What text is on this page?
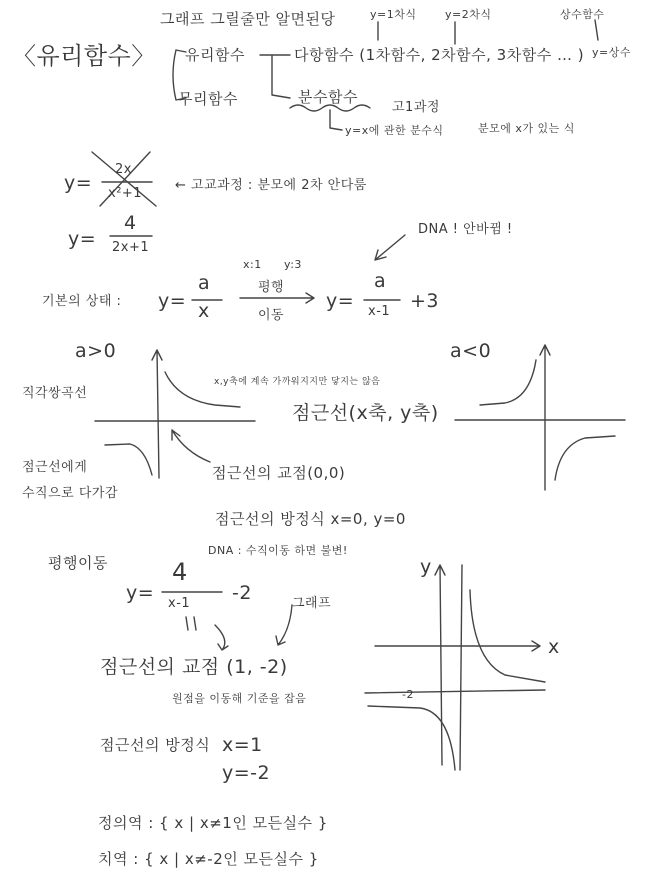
〈유리함수〉
그래프 그릴줄만 알면된당	y=1차식	y=2차식	상수함수
y=상수
유리함수
무리함수
다항함수 (1차함수, 2차함수, 3차함수 … )
분수함수
고1과정
y=x에 관한 분수식	분모에 x가 있는 식
y=
2x
x²+1
← 고교과정 : 분모에 2차 안다룸
y=
4
2x+1
DNA ! 안바뀜 !
기본의 상태 : y=
a
x
x:1 y:3
평행
이동
y=
a
x-1 +3
a>0	a<0
직각쌍곡선
점근선에게
수직으로 다가감
x,y축에 계속 가까워지지만 닿지는 않음
점근선(x축, y축)
점근선의 교점(0,0)
점근선의 방정식 x=0, y=0
평행이동
DNA : 수직이동 하면 불변!
y=
4
x-1 -2	그래프
점근선의 교점 (1, -2)
원점을 이동해 기준을 잡음
점근선의 방정식 x=1
y=-2
정의역 : { x | x≠1인 모든실수 }
치역 : { x | x≠-2인 모든실수 }
x
y
-2
